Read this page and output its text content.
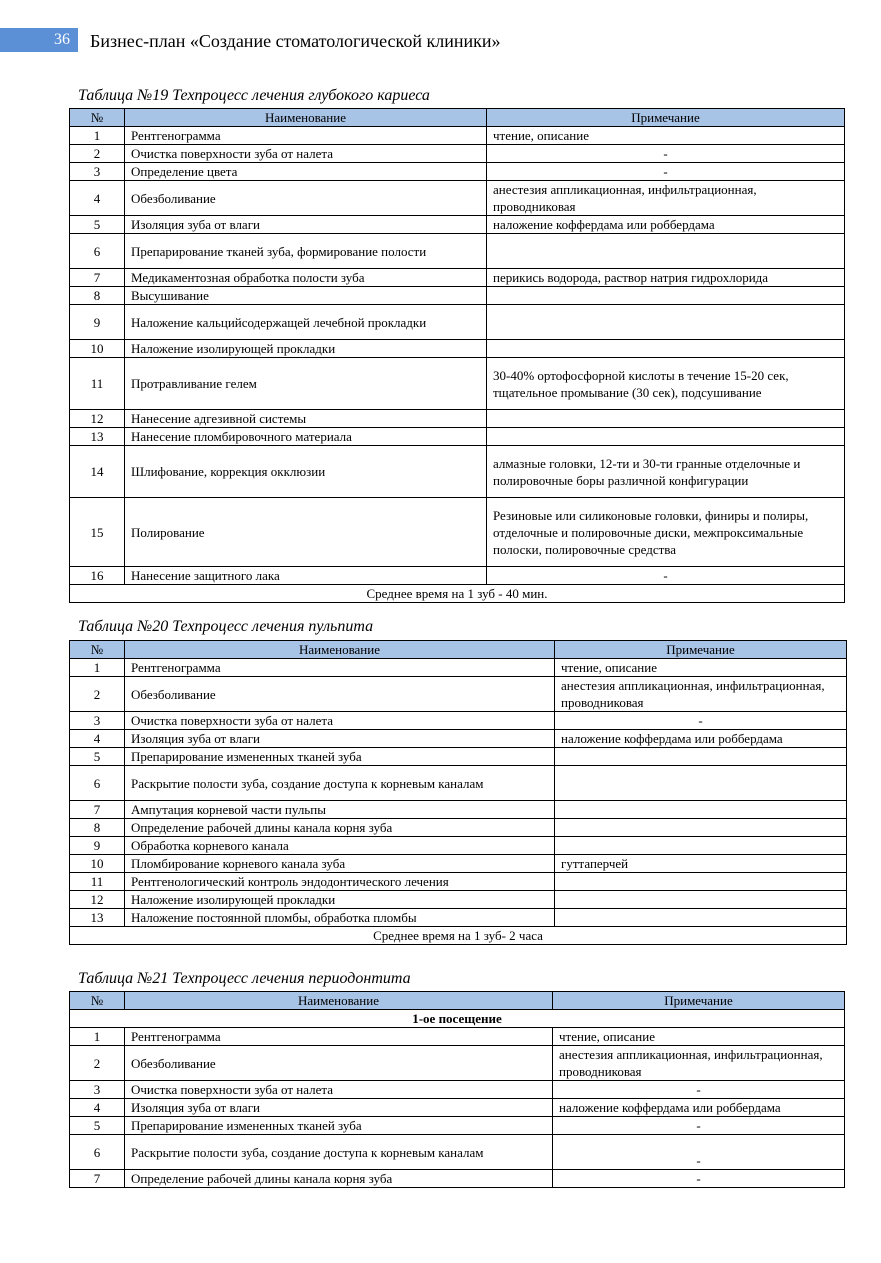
36	Бизнес-план «Создание стоматологической клиники»
Таблица №19 Техпроцесс лечения глубокого кариеса
№	Наименование	Примечание
1	Рентгенограмма	чтение, описание
2	Очистка поверхности зуба от налета	-
3	Определение цвета	-
4	Обезболивание	анестезия аппликационная, инфильтрационная, проводниковая
5	Изоляция зуба от влаги	наложение коффердама или роббердама
6	Препарирование тканей зуба, формирование полости	
7	Медикаментозная обработка полости зуба	перикись водорода, раствор натрия гидрохлорида
8	Высушивание	
9	Наложение кальцийсодержащей лечебной прокладки	
10	Наложение изолирующей прокладки	
11	Протравливание гелем	30-40% ортофосфорной кислоты в течение 15-20 сек, тщательное промывание (30 сек), подсушивание
12	Нанесение адгезивной системы	
13	Нанесение пломбировочного материала	
14	Шлифование, коррекция окклюзии	алмазные головки, 12-ти и 30-ти гранные отделочные и полировочные боры различной конфигурации
15	Полирование	Резиновые или силиконовые головки, финиры и полиры, отделочные и полировочные диски, межпроксимальные полоски, полировочные средства
16	Нанесение защитного лака	-
Среднее время на 1 зуб - 40 мин.		
Таблица №20 Техпроцесс лечения пульпита
№	Наименование	Примечание
1	Рентгенограмма	чтение, описание
2	Обезболивание	анестезия аппликационная, инфильтрационная, проводниковая
3	Очистка поверхности зуба от налета	-
4	Изоляция зуба от влаги	наложение коффердама или роббердама
5	Препарирование измененных тканей зуба	
6	Раскрытие полости зуба, создание доступа к корневым каналам	
7	Ампутация корневой части пульпы	
8	Определение рабочей длины канала корня зуба	
9	Обработка корневого канала	
10	Пломбирование корневого канала зуба	гуттаперчей
11	Рентгенологический контроль эндодонтического лечения	
12	Наложение изолирующей прокладки	
13	Наложение постоянной пломбы, обработка пломбы	
Среднее время на 1 зуб- 2 часа		
Таблица №21 Техпроцесс лечения периодонтита
№	Наименование	Примечание
1-ое посещение		
1	Рентгенограмма	чтение, описание
2	Обезболивание	анестезия аппликационная, инфильтрационная, проводниковая
3	Очистка поверхности зуба от налета	-
4	Изоляция зуба от влаги	наложение коффердама или роббердама
5	Препарирование измененных тканей зуба	-
6	Раскрытие полости зуба, создание доступа к корневым каналам	-
7	Определение рабочей длины канала корня зуба	-
